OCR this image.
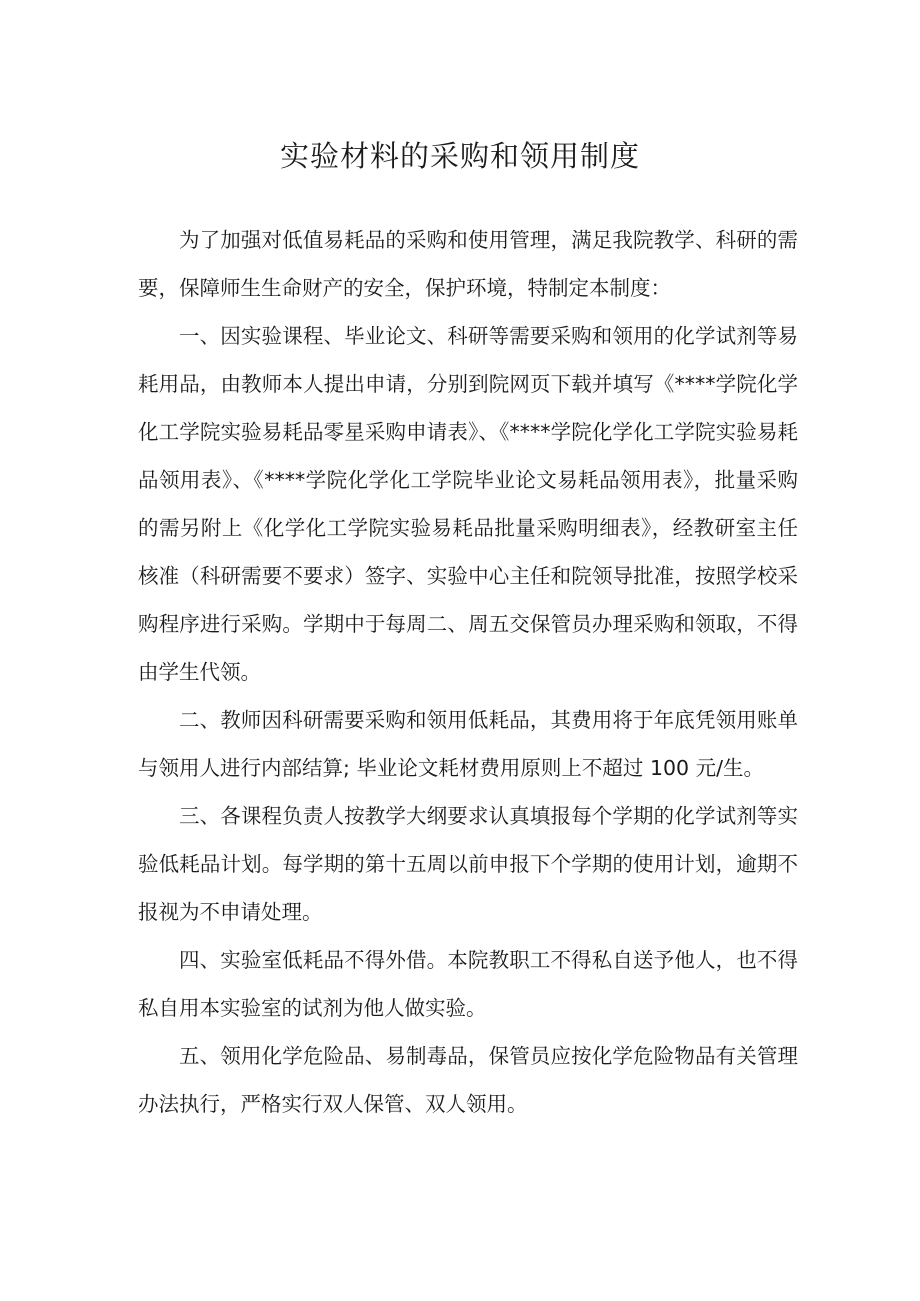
实验材料的采购和领用制度

为了加强对低值易耗品的采购和使用管理，满足我院教学、科研的需要，保障师生生命财产的安全，保护环境，特制定本制度：

一、因实验课程、毕业论文、科研等需要采购和领用的化学试剂等易耗用品，由教师本人提出申请，分别到院网页下载并填写《****学院化学化工学院实验易耗品零星采购申请表》、《****学院化学化工学院实验易耗品领用表》、《****学院化学化工学院毕业论文易耗品领用表》，批量采购的需另附上《化学化工学院实验易耗品批量采购明细表》，经教研室主任核准（科研需要不要求）签字、实验中心主任和院领导批准，按照学校采购程序进行采购。学期中于每周二、周五交保管员办理采购和领取，不得由学生代领。

二、教师因科研需要采购和领用低耗品，其费用将于年底凭领用账单与领用人进行内部结算; 毕业论文耗材费用原则上不超过 100 元/生。

三、各课程负责人按教学大纲要求认真填报每个学期的化学试剂等实验低耗品计划。每学期的第十五周以前申报下个学期的使用计划，逾期不报视为不申请处理。

四、实验室低耗品不得外借。本院教职工不得私自送予他人，也不得私自用本实验室的试剂为他人做实验。

五、领用化学危险品、易制毒品，保管员应按化学危险物品有关管理办法执行，严格实行双人保管、双人领用。
